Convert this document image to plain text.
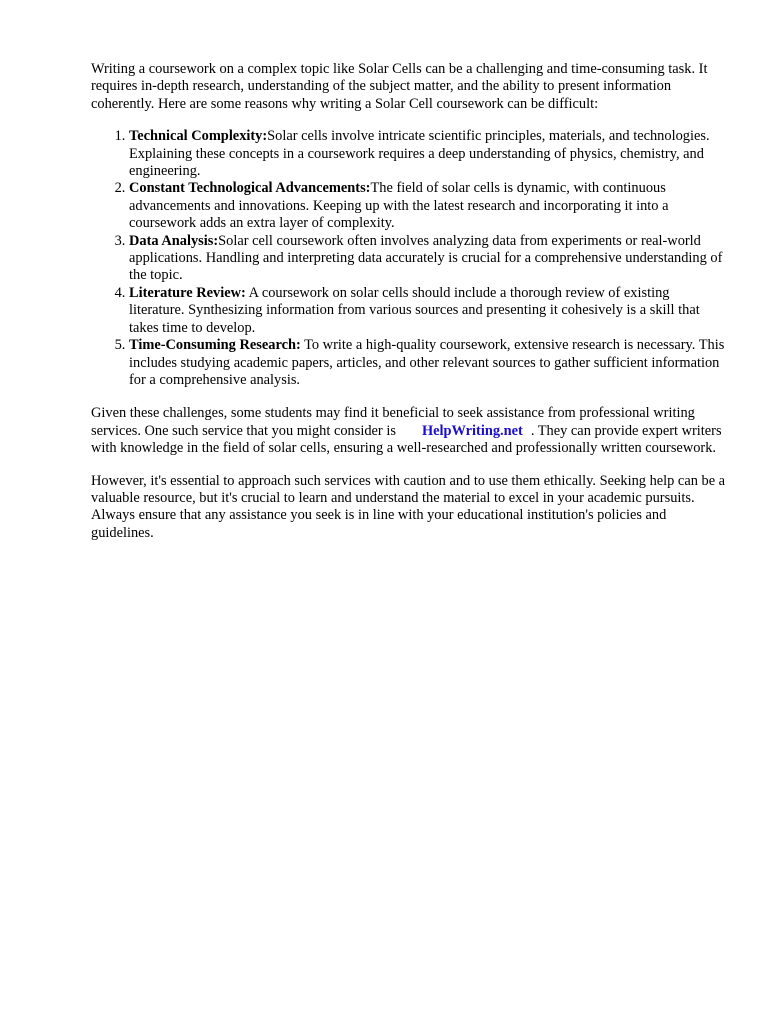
Writing a coursework on a complex topic like Solar Cells can be a challenging and time-consuming task. It requires in-depth research, understanding of the subject matter, and the ability to present information coherently. Here are some reasons why writing a Solar Cell coursework can be difficult:

1. Technical Complexity:Solar cells involve intricate scientific principles, materials, and technologies. Explaining these concepts in a coursework requires a deep understanding of physics, chemistry, and engineering.
2. Constant Technological Advancements:The field of solar cells is dynamic, with continuous advancements and innovations. Keeping up with the latest research and incorporating it into a coursework adds an extra layer of complexity.
3. Data Analysis:Solar cell coursework often involves analyzing data from experiments or real-world applications. Handling and interpreting data accurately is crucial for a comprehensive understanding of the topic.
4. Literature Review: A coursework on solar cells should include a thorough review of existing literature. Synthesizing information from various sources and presenting it cohesively is a skill that takes time to develop.
5. Time-Consuming Research: To write a high-quality coursework, extensive research is necessary. This includes studying academic papers, articles, and other relevant sources to gather sufficient information for a comprehensive analysis.

Given these challenges, some students may find it beneficial to seek assistance from professional writing services. One such service that you might consider is HelpWriting.net . They can provide expert writers with knowledge in the field of solar cells, ensuring a well-researched and professionally written coursework.

However, it's essential to approach such services with caution and to use them ethically. Seeking help can be a valuable resource, but it's crucial to learn and understand the material to excel in your academic pursuits. Always ensure that any assistance you seek is in line with your educational institution's policies and guidelines.
